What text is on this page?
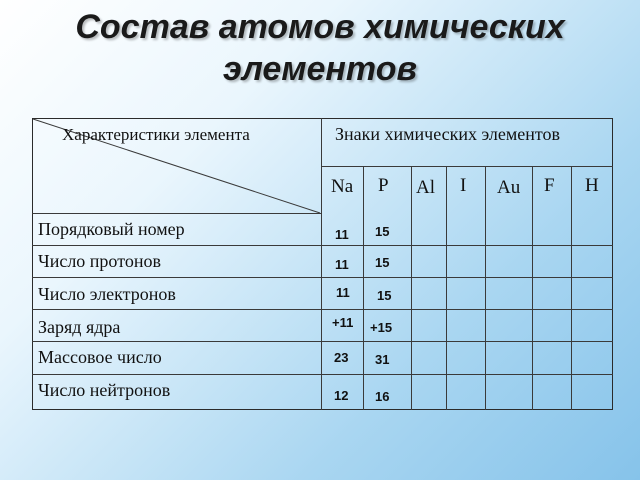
Состав атомов химических элементов
Характеристики элемента	Знаки химических элементов
Na P Al I Au F H
Порядковый номер
Число протонов
Число электронов
Заряд ядра
Массовое число
Число нейтронов
11
11
11
+11
23
12
15
15
15
+15
31
16
